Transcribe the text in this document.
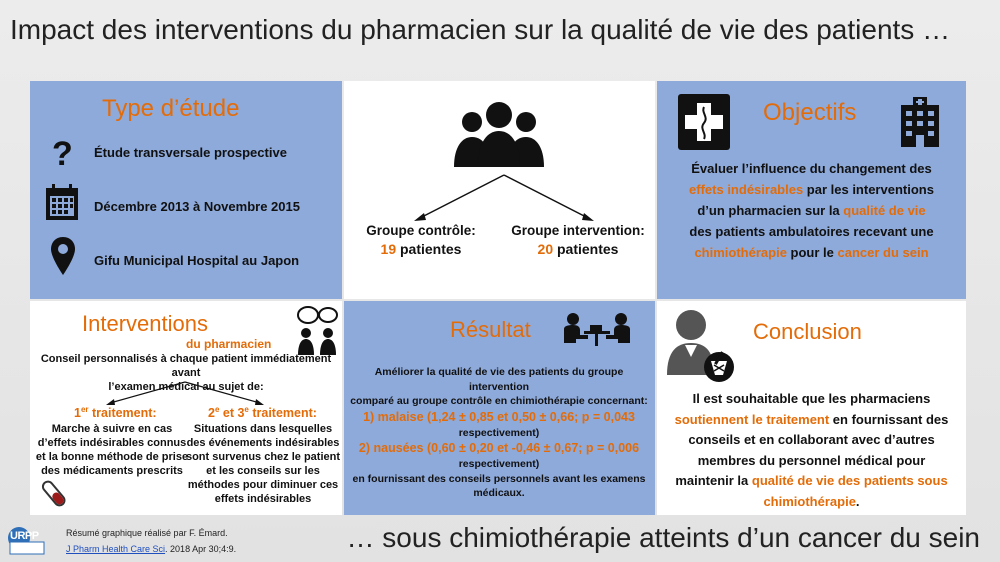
Impact des interventions du pharmacien sur la qualité de vie des patients …
Type d’étude
? Étude transversale prospective
Décembre 2013 à Novembre 2015
Gifu Municipal Hospital au Japon
Groupe contrôle:
19 patientes
Groupe intervention:
20 patientes
Objectifs
Évaluer l’influence du changement des
effets indésirables par les interventions
d’un pharmacien sur la qualité de vie
des patients ambulatoires recevant une
chimiothérapie pour le cancer du sein
Interventions
du pharmacien
Conseil personnalisés à chaque patient immédiatement avant
l’examen médical au sujet de:
1er traitement:
Marche à suivre en cas
d’effets indésirables connus
et la bonne méthode de prise
des médicaments prescrits
2e et 3e traitement:
Situations dans lesquelles
des événements indésirables
sont survenus chez le patient
et les conseils sur les
méthodes pour diminuer ces
effets indésirables
Résultat
Améliorer la qualité de vie des patients du groupe intervention
comparé au groupe contrôle en chimiothérapie concernant:
1) malaise (1,24 ± 0,85 et 0,50 ± 0,66; p = 0,043
respectivement)
2) nausées (0,60 ± 0,20 et -0,46 ± 0,67; p = 0,006
respectivement)
en fournissant des conseils personnels avant les examens
médicaux.
Conclusion
Il est souhaitable que les pharmaciens
soutiennent le traitement en fournissant des
conseils et en collaborant avec d’autres
membres du personnel médical pour
maintenir la qualité de vie des patients sous
chimiothérapie.
URPP	Résumé graphique réalisé par F. Émard.
J Pharm Health Care Sci. 2018 Apr 30;4:9.	… sous chimiothérapie atteints d’un cancer du sein
